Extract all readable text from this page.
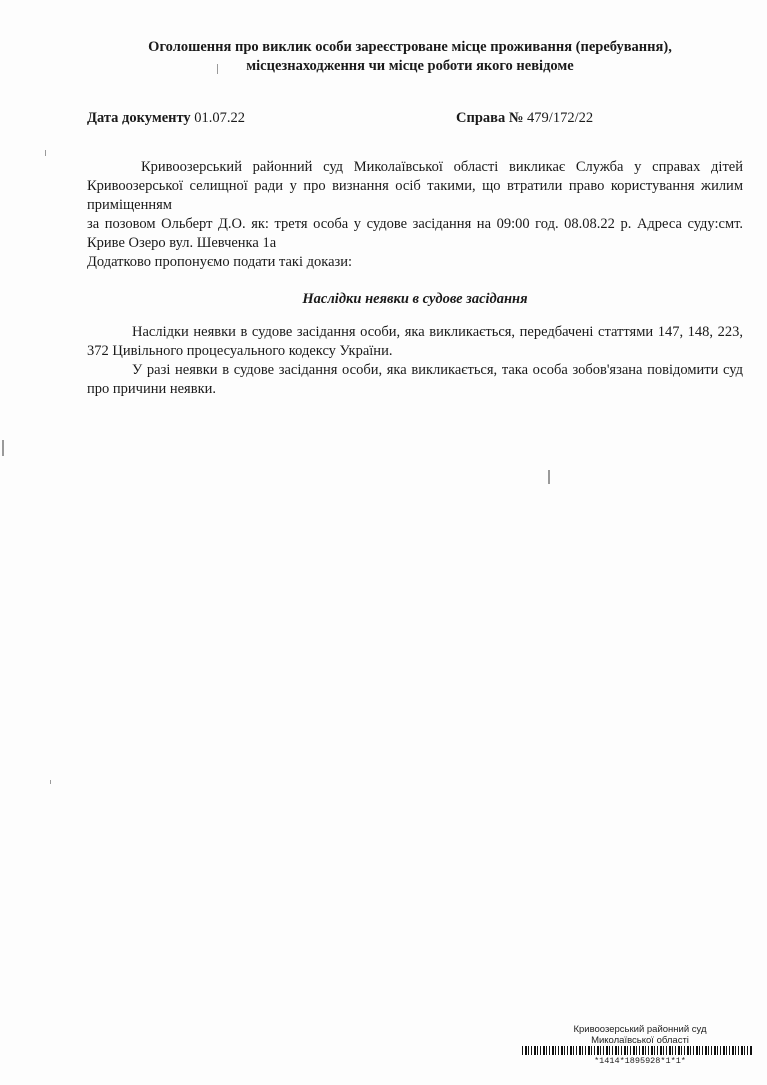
Оголошення про виклик особи зареєстроване місце проживання (перебування),
місцезнаходження чи місце роботи якого невідоме
Дата документу 01.07.22	Справа № 479/172/22

Кривоозерський районний суд Миколаївської області викликає Служба у справах дітей Кривоозерської селищної ради у про визнання осіб такими, що втратили право користування жилим приміщенням

за позовом Ольберт Д.О. як: третя особа у судове засідання на 09:00 год. 08.08.22 р. Адреса суду:смт. Криве Озеро вул. Шевченка 1а

Додатково пропонуємо подати такі докази:

Наслідки неявки в судове засідання

Наслідки неявки в судове засідання особи, яка викликається, передбачені статтями 147, 148, 223, 372 Цивільного процесуального кодексу України.

У разі неявки в судове засідання особи, яка викликається, така особа зобов'язана повідомити суд про причини неявки.

Кривоозерський районний суд
Миколаївської області
*1414*1895928*1*1*
